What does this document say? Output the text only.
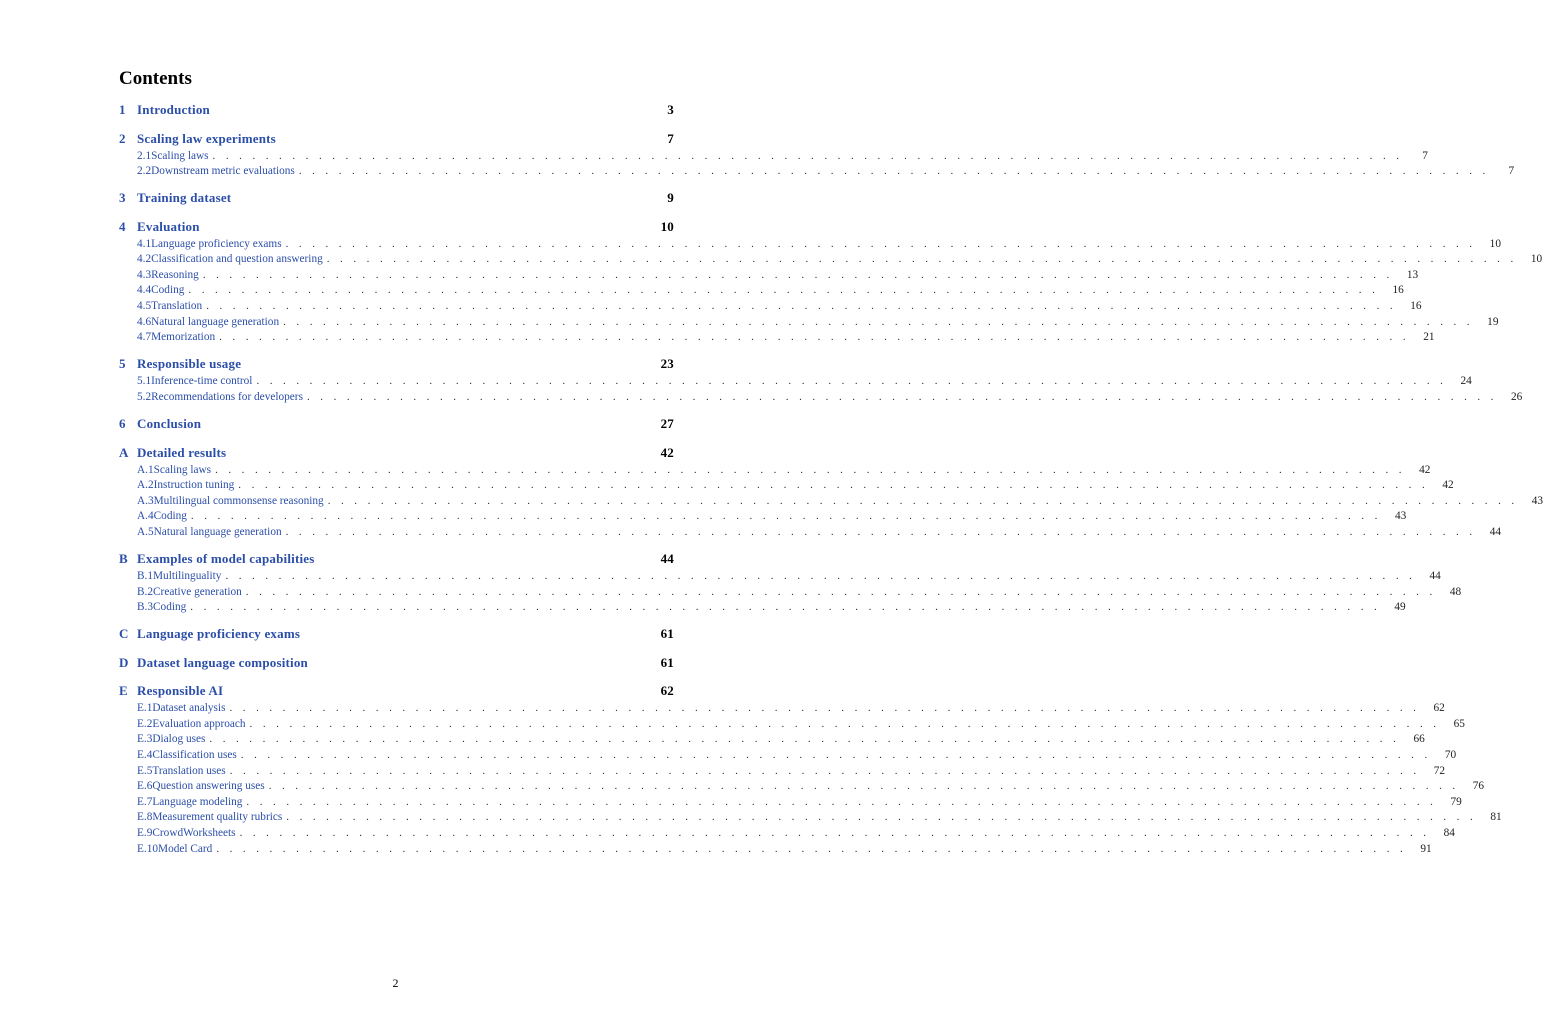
Contents
1 Introduction	3
2 Scaling law experiments	7
2.1 Scaling laws . . . . . . . . . . . . . . . . . . . . . . . . . . . . . . . . . . . . . . . . . . . . . . . . . . . . . . . . . . . . . . . . . . . . . . . . . . . . . . . . . . . . . . . . . .	7
2.2 Downstream metric evaluations . . . . . . . . . . . . . . . . . . . . . . . . . . . . . . . . . . . . . . . . . . . . . . . . . . . . . . . . . . . . . . . . . . . . . . . . . . . . . . . . . . . . . . . . . .	7
3 Training dataset	9
4 Evaluation	10
4.1 Language proficiency exams . . . . . . . . . . . . . . . . . . . . . . . . . . . . . . . . . . . . . . . . . . . . . . . . . . . . . . . . . . . . . . . . . . . . . . . . . . . . . . . . . . . . . . . . . .	10
4.2 Classification and question answering . . . . . . . . . . . . . . . . . . . . . . . . . . . . . . . . . . . . . . . . . . . . . . . . . . . . . . . . . . . . . . . . . . . . . . . . . . . . . . . . . . . . . . . . . .	10
4.3 Reasoning . . . . . . . . . . . . . . . . . . . . . . . . . . . . . . . . . . . . . . . . . . . . . . . . . . . . . . . . . . . . . . . . . . . . . . . . . . . . . . . . . . . . . . . . . .	13
4.4 Coding . . . . . . . . . . . . . . . . . . . . . . . . . . . . . . . . . . . . . . . . . . . . . . . . . . . . . . . . . . . . . . . . . . . . . . . . . . . . . . . . . . . . . . . . . .	16
4.5 Translation . . . . . . . . . . . . . . . . . . . . . . . . . . . . . . . . . . . . . . . . . . . . . . . . . . . . . . . . . . . . . . . . . . . . . . . . . . . . . . . . . . . . . . . . . .	16
4.6 Natural language generation . . . . . . . . . . . . . . . . . . . . . . . . . . . . . . . . . . . . . . . . . . . . . . . . . . . . . . . . . . . . . . . . . . . . . . . . . . . . . . . . . . . . . . . . . .	19
4.7 Memorization . . . . . . . . . . . . . . . . . . . . . . . . . . . . . . . . . . . . . . . . . . . . . . . . . . . . . . . . . . . . . . . . . . . . . . . . . . . . . . . . . . . . . . . . . .	21
5 Responsible usage	23
5.1 Inference-time control . . . . . . . . . . . . . . . . . . . . . . . . . . . . . . . . . . . . . . . . . . . . . . . . . . . . . . . . . . . . . . . . . . . . . . . . . . . . . . . . . . . . . . . . . .	24
5.2 Recommendations for developers . . . . . . . . . . . . . . . . . . . . . . . . . . . . . . . . . . . . . . . . . . . . . . . . . . . . . . . . . . . . . . . . . . . . . . . . . . . . . . . . . . . . . . . . . .	26
6 Conclusion	27
A Detailed results	42
A.1 Scaling laws . . . . . . . . . . . . . . . . . . . . . . . . . . . . . . . . . . . . . . . . . . . . . . . . . . . . . . . . . . . . . . . . . . . . . . . . . . . . . . . . . . . . . . . . . .	42
A.2 Instruction tuning . . . . . . . . . . . . . . . . . . . . . . . . . . . . . . . . . . . . . . . . . . . . . . . . . . . . . . . . . . . . . . . . . . . . . . . . . . . . . . . . . . . . . . . . . .	42
A.3 Multilingual commonsense reasoning . . . . . . . . . . . . . . . . . . . . . . . . . . . . . . . . . . . . . . . . . . . . . . . . . . . . . . . . . . . . . . . . . . . . . . . . . . . . . . . . . . . . . . . . . .	43
A.4 Coding . . . . . . . . . . . . . . . . . . . . . . . . . . . . . . . . . . . . . . . . . . . . . . . . . . . . . . . . . . . . . . . . . . . . . . . . . . . . . . . . . . . . . . . . . .	43
A.5 Natural language generation . . . . . . . . . . . . . . . . . . . . . . . . . . . . . . . . . . . . . . . . . . . . . . . . . . . . . . . . . . . . . . . . . . . . . . . . . . . . . . . . . . . . . . . . . .	44
B Examples of model capabilities	44
B.1 Multilinguality . . . . . . . . . . . . . . . . . . . . . . . . . . . . . . . . . . . . . . . . . . . . . . . . . . . . . . . . . . . . . . . . . . . . . . . . . . . . . . . . . . . . . . . . . .	44
B.2 Creative generation . . . . . . . . . . . . . . . . . . . . . . . . . . . . . . . . . . . . . . . . . . . . . . . . . . . . . . . . . . . . . . . . . . . . . . . . . . . . . . . . . . . . . . . . . .	48
B.3 Coding . . . . . . . . . . . . . . . . . . . . . . . . . . . . . . . . . . . . . . . . . . . . . . . . . . . . . . . . . . . . . . . . . . . . . . . . . . . . . . . . . . . . . . . . . .	49
C Language proficiency exams	61
D Dataset language composition	61
E Responsible AI	62
E.1 Dataset analysis . . . . . . . . . . . . . . . . . . . . . . . . . . . . . . . . . . . . . . . . . . . . . . . . . . . . . . . . . . . . . . . . . . . . . . . . . . . . . . . . . . . . . . . . . .	62
E.2 Evaluation approach . . . . . . . . . . . . . . . . . . . . . . . . . . . . . . . . . . . . . . . . . . . . . . . . . . . . . . . . . . . . . . . . . . . . . . . . . . . . . . . . . . . . . . . . . .	65
E.3 Dialog uses . . . . . . . . . . . . . . . . . . . . . . . . . . . . . . . . . . . . . . . . . . . . . . . . . . . . . . . . . . . . . . . . . . . . . . . . . . . . . . . . . . . . . . . . . .	66
E.4 Classification uses . . . . . . . . . . . . . . . . . . . . . . . . . . . . . . . . . . . . . . . . . . . . . . . . . . . . . . . . . . . . . . . . . . . . . . . . . . . . . . . . . . . . . . . . . .	70
E.5 Translation uses . . . . . . . . . . . . . . . . . . . . . . . . . . . . . . . . . . . . . . . . . . . . . . . . . . . . . . . . . . . . . . . . . . . . . . . . . . . . . . . . . . . . . . . . . .	72
E.6 Question answering uses . . . . . . . . . . . . . . . . . . . . . . . . . . . . . . . . . . . . . . . . . . . . . . . . . . . . . . . . . . . . . . . . . . . . . . . . . . . . . . . . . . . . . . . . . .	76
E.7 Language modeling . . . . . . . . . . . . . . . . . . . . . . . . . . . . . . . . . . . . . . . . . . . . . . . . . . . . . . . . . . . . . . . . . . . . . . . . . . . . . . . . . . . . . . . . . .	79
E.8 Measurement quality rubrics . . . . . . . . . . . . . . . . . . . . . . . . . . . . . . . . . . . . . . . . . . . . . . . . . . . . . . . . . . . . . . . . . . . . . . . . . . . . . . . . . . . . . . . . . .	81
E.9 CrowdWorksheets . . . . . . . . . . . . . . . . . . . . . . . . . . . . . . . . . . . . . . . . . . . . . . . . . . . . . . . . . . . . . . . . . . . . . . . . . . . . . . . . . . . . . . . . . .	84
E.10 Model Card . . . . . . . . . . . . . . . . . . . . . . . . . . . . . . . . . . . . . . . . . . . . . . . . . . . . . . . . . . . . . . . . . . . . . . . . . . . . . . . . . . . . . . . . . .	91
2
